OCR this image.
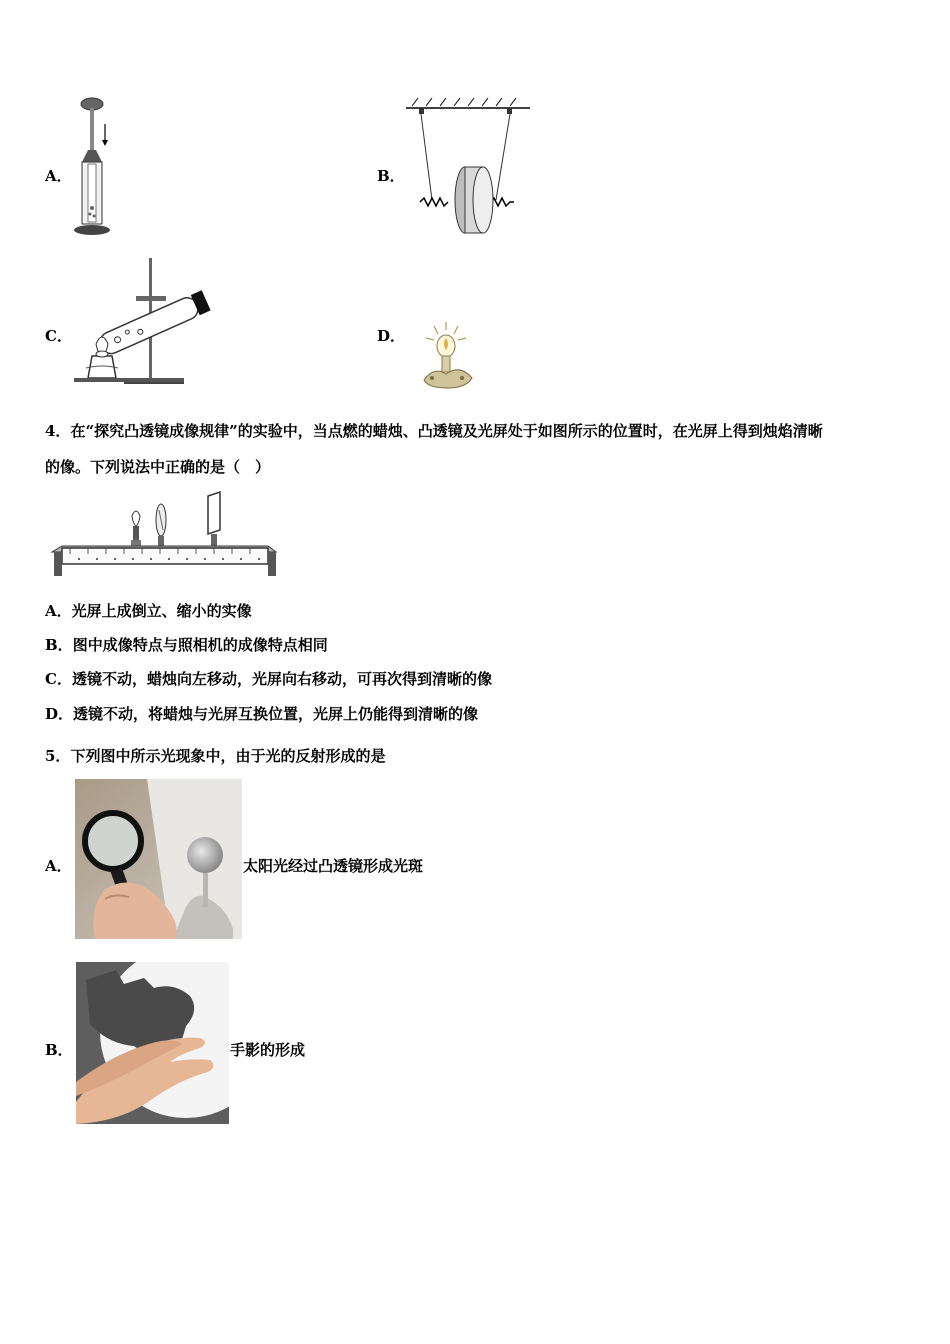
A．	B．
C．	D．
4．在“探究凸透镜成像规律”的实验中，当点燃的蜡烛、凸透镜及光屏处于如图所示的位置时，在光屏上得到烛焰清晰
的像。下列说法中正确的是（　）
A．光屏上成倒立、缩小的实像
B．图中成像特点与照相机的成像特点相同
C．透镜不动，蜡烛向左移动，光屏向右移动，可再次得到清晰的像
D．透镜不动，将蜡烛与光屏互换位置，光屏上仍能得到清晰的像
5．下列图中所示光现象中，由于光的反射形成的是
A．	太阳光经过凸透镜形成光斑
B．	手影的形成
